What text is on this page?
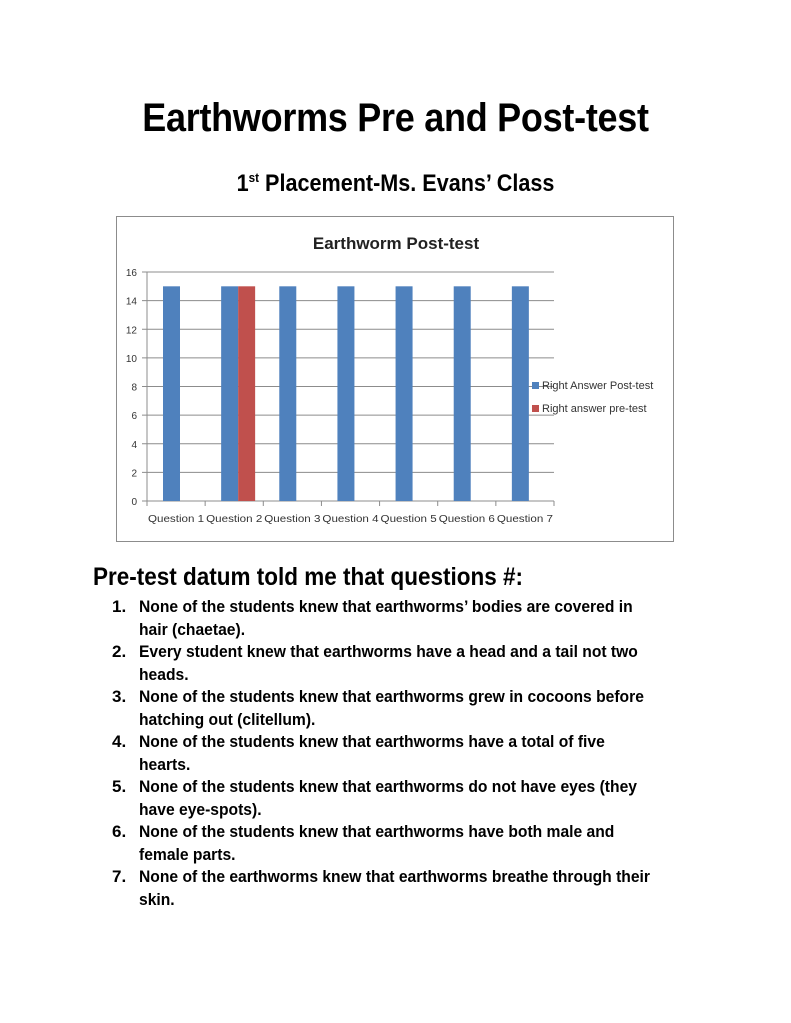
Earthworms Pre and Post-test
1st Placement-Ms. Evans’ Class
Earthworm Post-test
0
2
4
6
8
10
12
14
16
Question 1 Question 2 Question 3 Question 4 Question 5 Question 6 Question 7
Right Answer Post-test
Right answer pre-test
Pre-test datum told me that questions #:
1. None of the students knew that earthworms’ bodies are covered in hair (chaetae).
2. Every student knew that earthworms have a head and a tail not two heads.
3. None of the students knew that earthworms grew in cocoons before hatching out (clitellum).
4. None of the students knew that earthworms have a total of five hearts.
5. None of the students knew that earthworms do not have eyes (they have eye-spots).
6. None of the students knew that earthworms have both male and female parts.
7. None of the earthworms knew that earthworms breathe through their skin.
